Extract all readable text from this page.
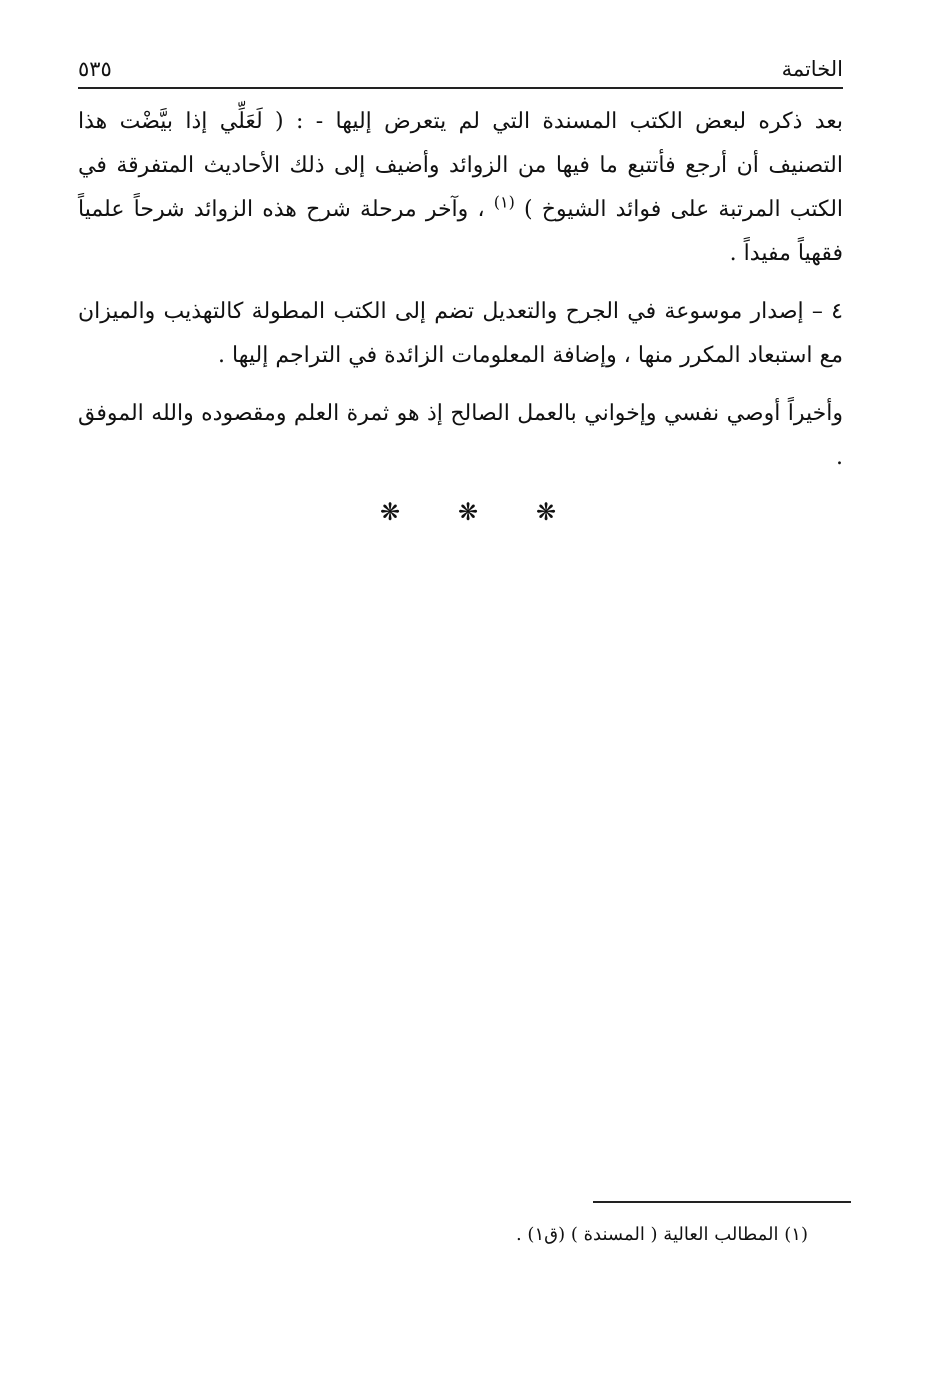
الخاتمة
٥٣٥

بعد ذكره لبعض الكتب المسندة التي لم يتعرض إليها - : ( لَعَلِّي إذا بيَّضْت هذا التصنيف أن أرجع فأتتبع ما فيها من الزوائد وأضيف إلى ذلك الأحاديث المتفرقة في الكتب المرتبة على فوائد الشيوخ ) $^{(١)}$ ، وآخر مرحلة شرح هذه الزوائد شرحاً علمياً فقهياً مفيداً .

٤ – إصدار موسوعة في الجرح والتعديل تضم إلى الكتب المطولة كالتهذيب والميزان مع استبعاد المكرر منها ، وإضافة المعلومات الزائدة في التراجم إليها .

وأخيراً أوصي نفسي وإخواني بالعمل الصالح إذ هو ثمرة العلم ومقصوده والله الموفق .

❋ ❋ ❋
(١) المطالب العالية ( المسندة ) (ق١) .
